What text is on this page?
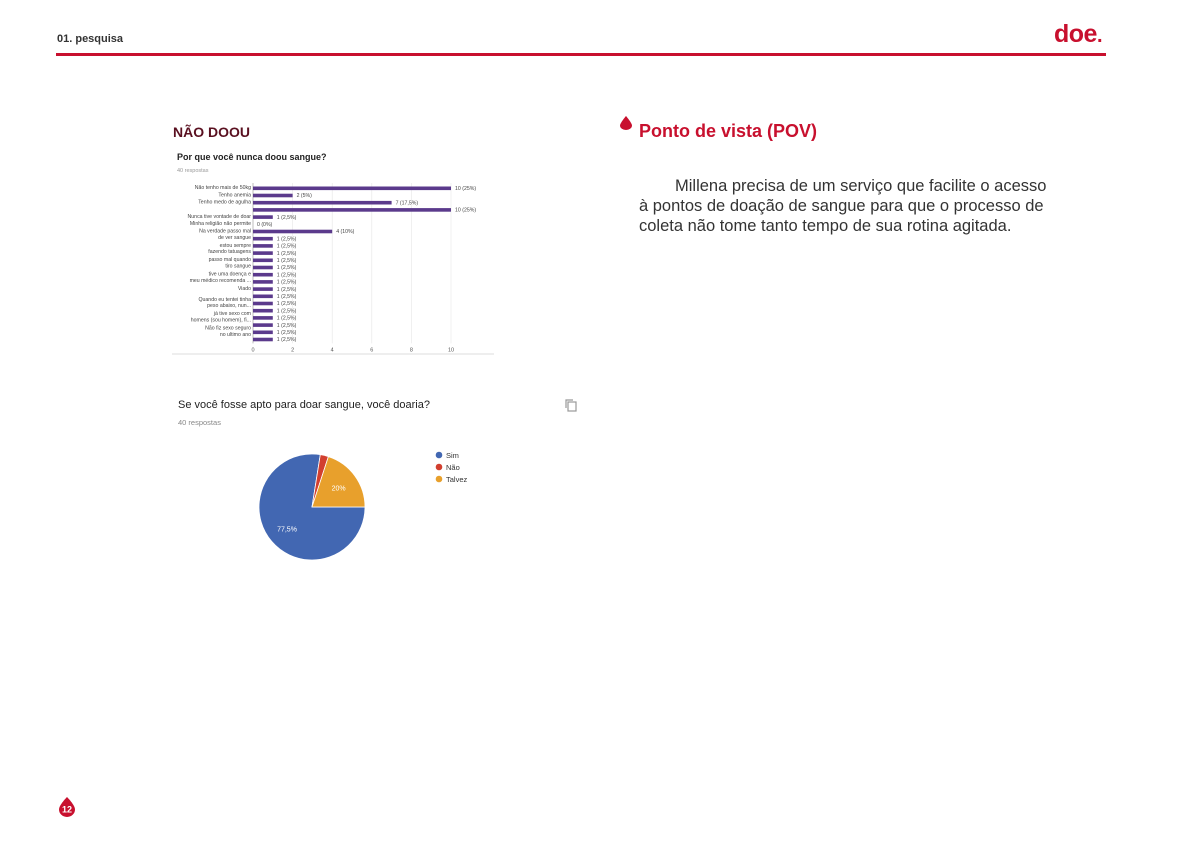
01. pesquisa	doe.
NÃO DOOU
Por que você nunca doou sangue?
40 respostas
0	2	4	6	8	10
Não tenho mais de 50kg
Tenho anemia
Tenho medo de agulha
Nunca tive vontade de doar
Minha religião não permite
Na verdade passo mal de ver sangue
estou sempre fazendo tatuagens
passo mal quando tiro sangue
tive uma doença e meu médico recomenda ...
Viado
Quando eu tentei tinha peso abaixo, nun...
já tive sexo com homens (sou homem), fi...
Não fiz sexo seguro no ultimo ano
10 (25%)
2 (5%)
7 (17,5%)
10 (25%)
1 (2,5%)
0 (0%)
4 (10%)
1 (2,5%)
1 (2,5%)
1 (2,5%)
1 (2,5%)
1 (2,5%)
1 (2,5%)
1 (2,5%)
1 (2,5%)
1 (2,5%)
1 (2,5%)
1 (2,5%)
1 (2,5%)
1 (2,5%)
1 (2,5%)
1 (2,5%)
Se você fosse apto para doar sangue, você doaria?
40 respostas
77,5%
20%
Sim
Não
Talvez
Ponto de vista (POV)
Millena precisa de um serviço que facilite o acesso à pontos de doação de sangue para que o processo de coleta não tome tanto tempo de sua rotina agitada.
12
